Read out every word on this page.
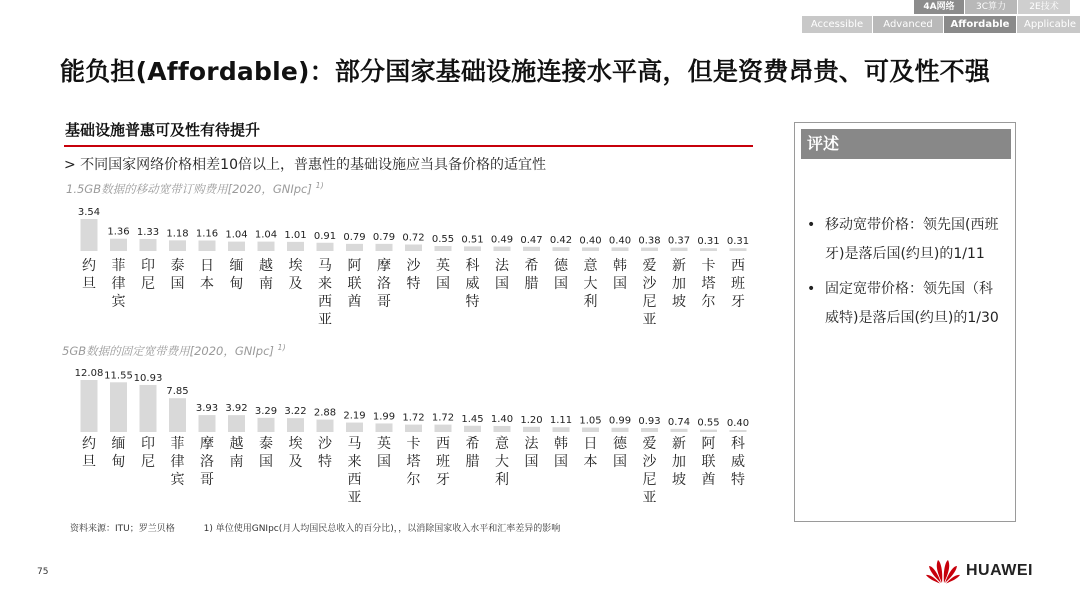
4A网络	3C算力	2E技术
Accessible	Advanced	Affordable	Applicable
能负担(Affordable)：部分国家基础设施连接水平高，但是资费昂贵、可及性不强
基础设施普惠可及性有待提升
> 不同国家网络价格相差10倍以上，普惠性的基础设施应当具备价格的适宜性
1.5GB数据的移动宽带订购费用[2020，GNIpc] $^{1)}$
3.54
约旦
1.36
菲律宾
1.33
印尼
1.18
泰国
1.16
日本
1.04
缅甸
1.04
越南
1.01
埃及
0.91
马来西亚
0.79
阿联酋
0.79
摩洛哥
0.72
沙特
0.55
英国
0.51
科威特
0.49
法国
0.47
希腊
0.42
德国
0.40
意大利
0.40
韩国
0.38
爱沙尼亚
0.37
新加坡
0.31
卡塔尔
0.31
西班牙
5GB数据的固定宽带费用[2020，GNIpc] $^{1)}$
12.08
约旦
11.55
缅甸
10.93
印尼
7.85
菲律宾
3.93
摩洛哥
3.92
越南
3.29
泰国
3.22
埃及
2.88
沙特
2.19
马来西亚
1.99
英国
1.72
卡塔尔
1.72
西班牙
1.45
希腊
1.40
意大利
1.20
法国
1.11
韩国
1.05
日本
0.99
德国
0.93
爱沙尼亚
0.74
新加坡
0.55
阿联酋
0.40
科威特
资料来源：ITU；罗兰贝格	1) 单位使用GNIpc(月人均国民总收入的百分比)，，以消除国家收入水平和汇率差异的影响
评述
• 移动宽带价格：领先国(西班牙)是落后国(约旦)的1/11
• 固定宽带价格：领先国（科威特)是落后国(约旦)的1/30
75	HUAWEI
